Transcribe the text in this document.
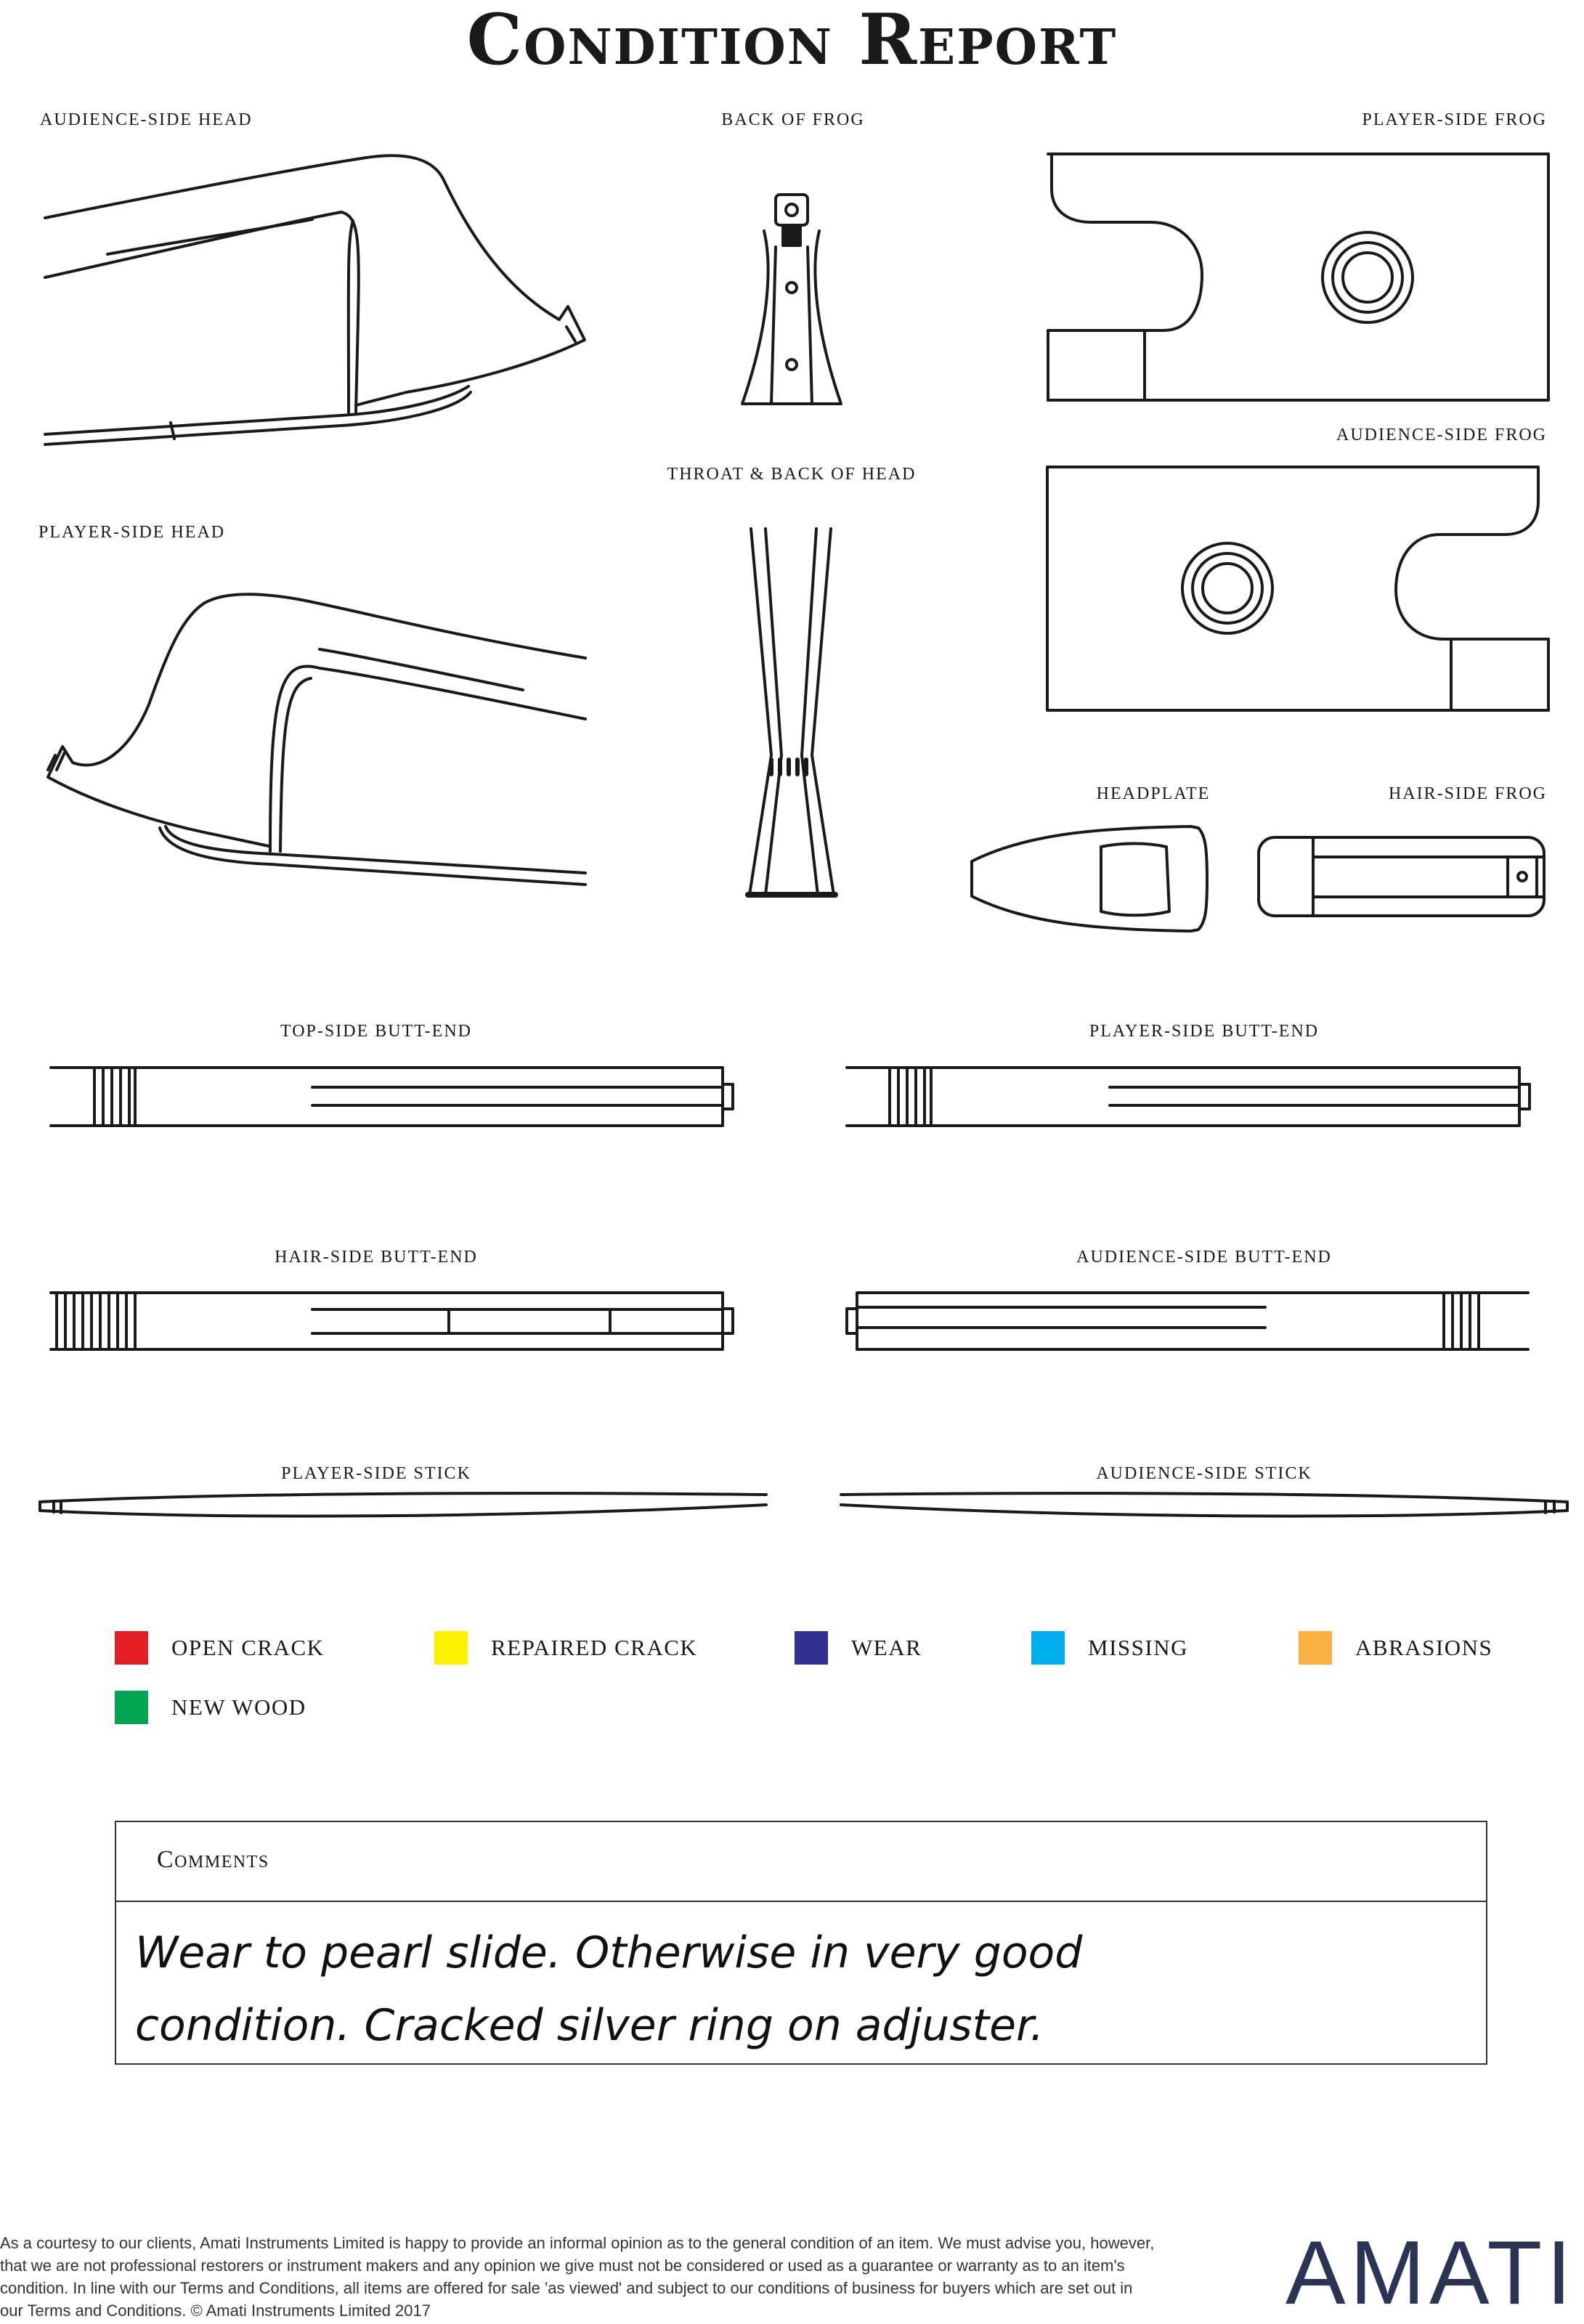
Condition Report
AUDIENCE-SIDE HEAD	BACK OF FROG	PLAYER-SIDE FROG
AUDIENCE-SIDE FROG
THROAT & BACK OF HEAD
PLAYER-SIDE HEAD
HEADPLATE	HAIR-SIDE FROG
TOP-SIDE BUTT-END	PLAYER-SIDE BUTT-END
HAIR-SIDE BUTT-END	AUDIENCE-SIDE BUTT-END
PLAYER-SIDE STICK	AUDIENCE-SIDE STICK
OPEN CRACK	REPAIRED CRACK	WEAR	MISSING	ABRASIONS
NEW WOOD
Comments
Wear to pearl slide. Otherwise in very good
condition. Cracked silver ring on adjuster.

As a courtesy to our clients, Amati Instruments Limited is happy to provide an informal opinion as to the general condition of an item. We must advise you, however, that we are not professional restorers or instrument makers and any opinion we give must not be considered or used as a guarantee or warranty as to an item's condition. In line with our Terms and Conditions, all items are offered for sale 'as viewed' and subject to our conditions of business for buyers which are set out in our Terms and Conditions. © Amati Instruments Limited 2017	AMATI
